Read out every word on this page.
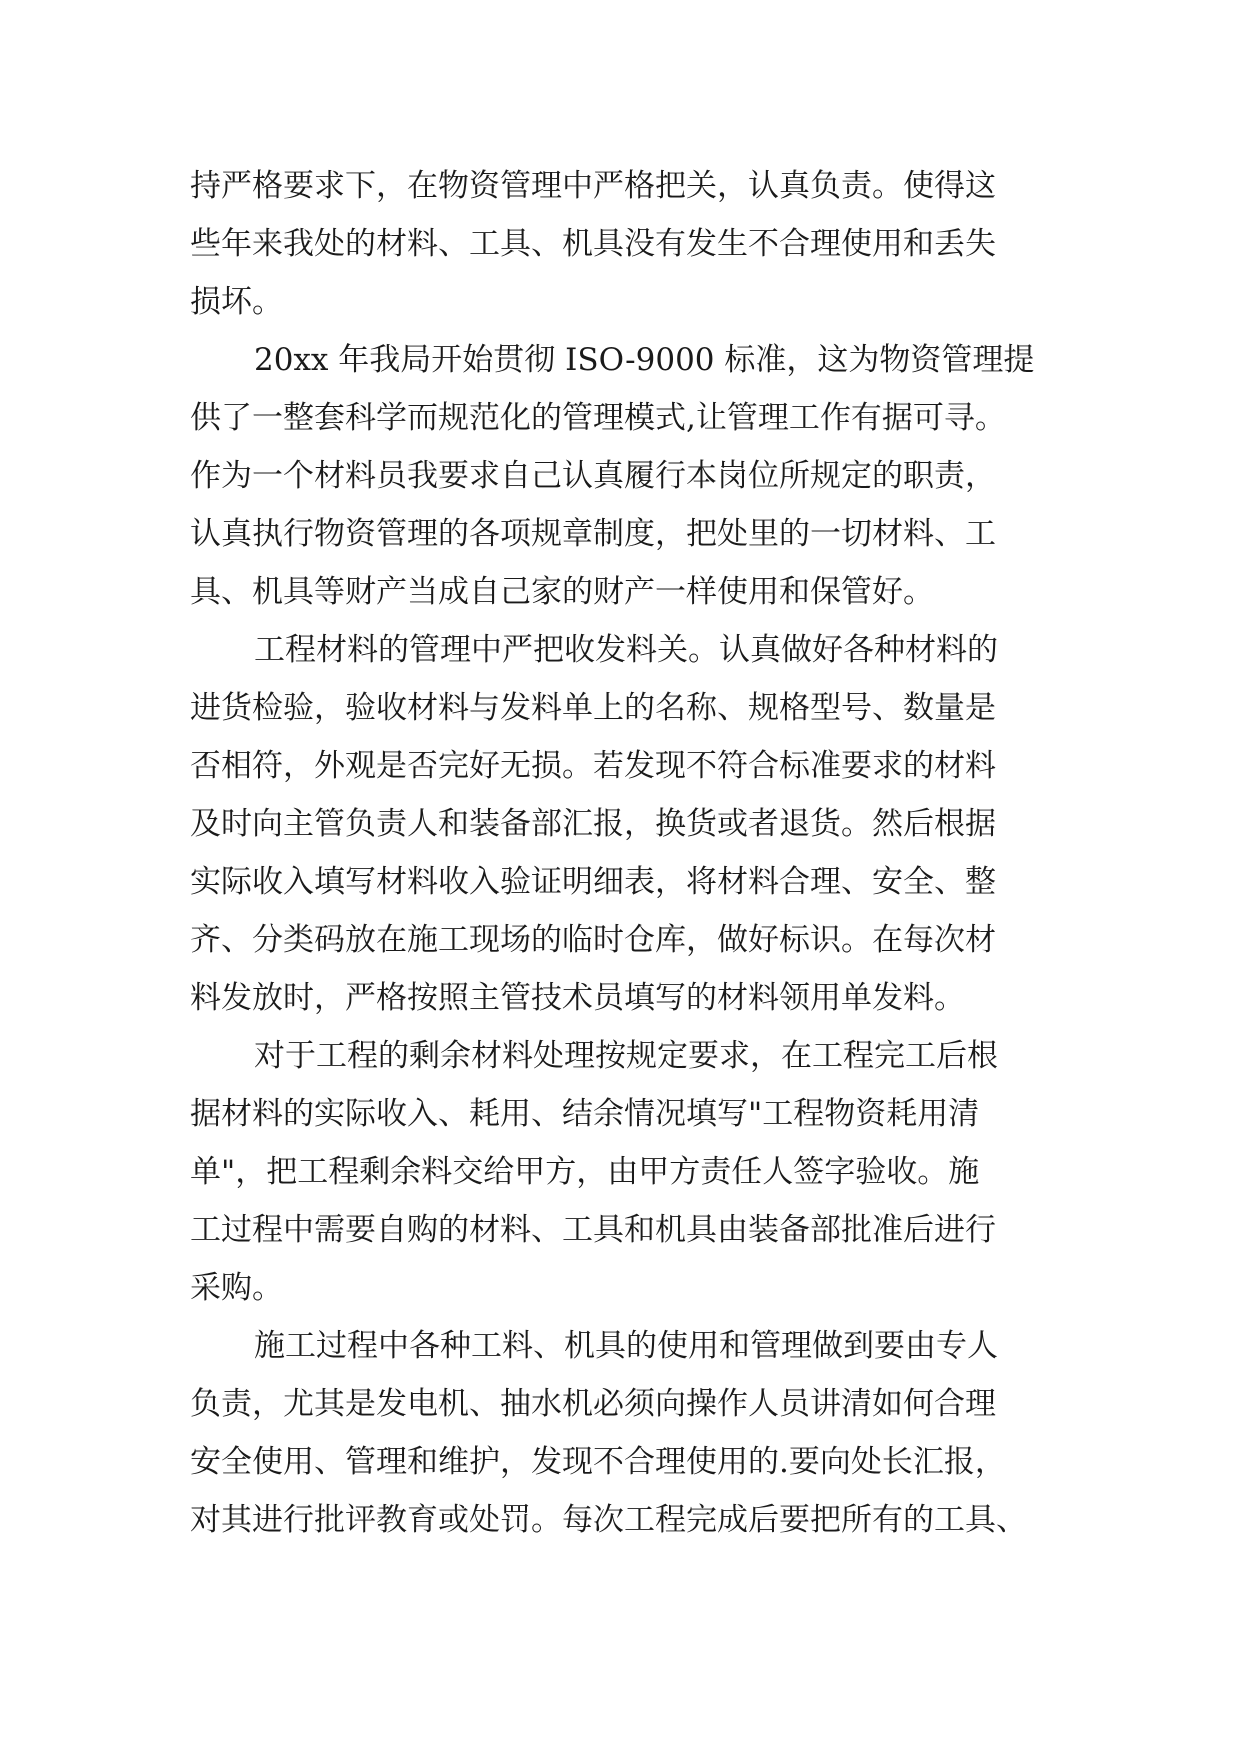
持严格要求下，在物资管理中严格把关，认真负责。使得这
些年来我处的材料、工具、机具没有发生不合理使用和丢失
损坏。
20xx 年我局开始贯彻 ISO-9000 标准，这为物资管理提
供了一整套科学而规范化的管理模式,让管理工作有据可寻。
作为一个材料员我要求自己认真履行本岗位所规定的职责，
认真执行物资管理的各项规章制度，把处里的一切材料、工
具、机具等财产当成自己家的财产一样使用和保管好。
工程材料的管理中严把收发料关。认真做好各种材料的
进货检验，验收材料与发料单上的名称、规格型号、数量是
否相符，外观是否完好无损。若发现不符合标准要求的材料
及时向主管负责人和装备部汇报，换货或者退货。然后根据
实际收入填写材料收入验证明细表，将材料合理、安全、整
齐、分类码放在施工现场的临时仓库，做好标识。在每次材
料发放时，严格按照主管技术员填写的材料领用单发料。
对于工程的剩余材料处理按规定要求，在工程完工后根
据材料的实际收入、耗用、结余情况填写"工程物资耗用清
单"，把工程剩余料交给甲方，由甲方责任人签字验收。施
工过程中需要自购的材料、工具和机具由装备部批准后进行
采购。
施工过程中各种工料、机具的使用和管理做到要由专人
负责，尤其是发电机、抽水机必须向操作人员讲清如何合理
安全使用、管理和维护，发现不合理使用的.要向处长汇报，
对其进行批评教育或处罚。每次工程完成后要把所有的工具、
